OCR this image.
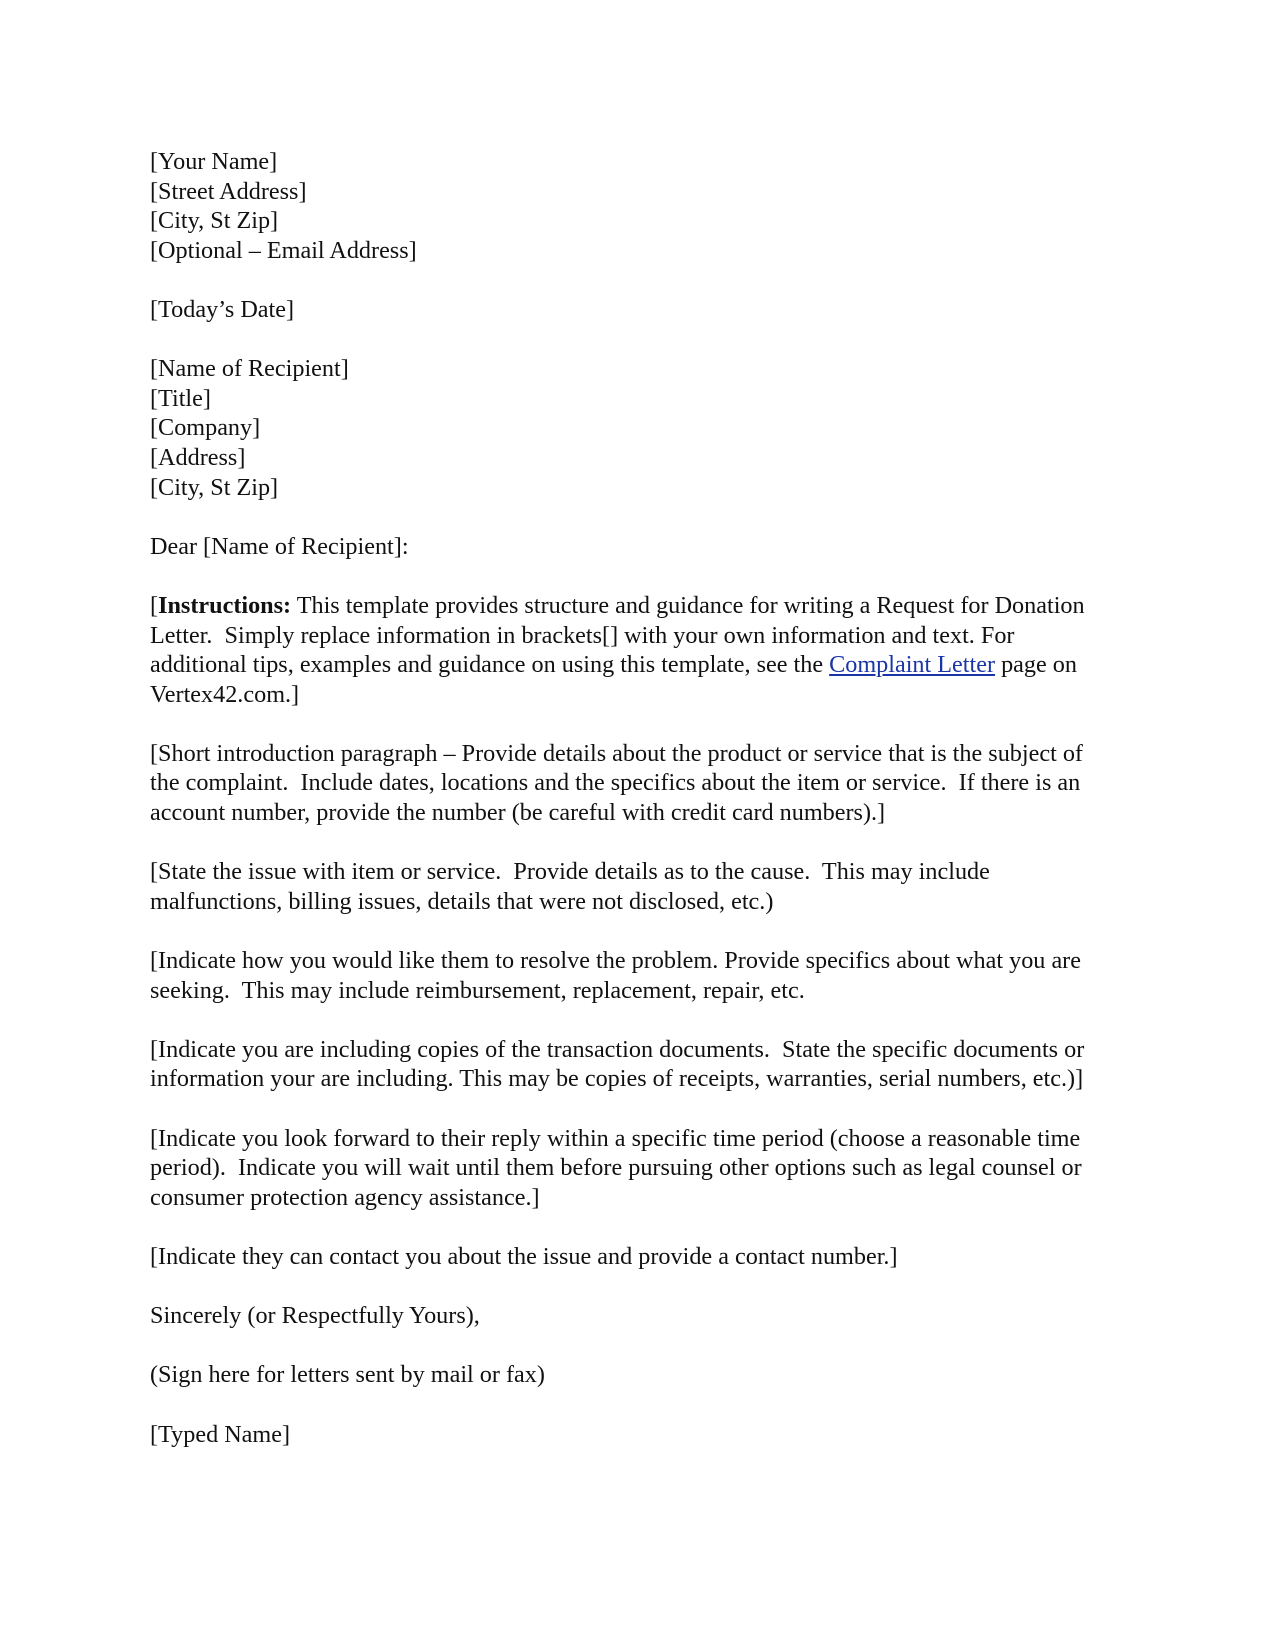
[Your Name]
[Street Address]
[City, St Zip]
[Optional – Email Address]
[Today’s Date]
[Name of Recipient]
[Title]
[Company]
[Address]
[City, St Zip]
Dear [Name of Recipient]:
[Instructions: This template provides structure and guidance for writing a Request for Donation
Letter.  Simply replace information in brackets[] with your own information and text. For
additional tips, examples and guidance on using this template, see the Complaint Letter page on
Vertex42.com.]
[Short introduction paragraph – Provide details about the product or service that is the subject of
the complaint.  Include dates, locations and the specifics about the item or service.  If there is an
account number, provide the number (be careful with credit card numbers).]
[State the issue with item or service.  Provide details as to the cause.  This may include
malfunctions, billing issues, details that were not disclosed, etc.)
[Indicate how you would like them to resolve the problem. Provide specifics about what you are
seeking.  This may include reimbursement, replacement, repair, etc.
[Indicate you are including copies of the transaction documents.  State the specific documents or
information your are including. This may be copies of receipts, warranties, serial numbers, etc.)]
[Indicate you look forward to their reply within a specific time period (choose a reasonable time
period).  Indicate you will wait until them before pursuing other options such as legal counsel or
consumer protection agency assistance.]
[Indicate they can contact you about the issue and provide a contact number.]
Sincerely (or Respectfully Yours),
(Sign here for letters sent by mail or fax)
[Typed Name]
